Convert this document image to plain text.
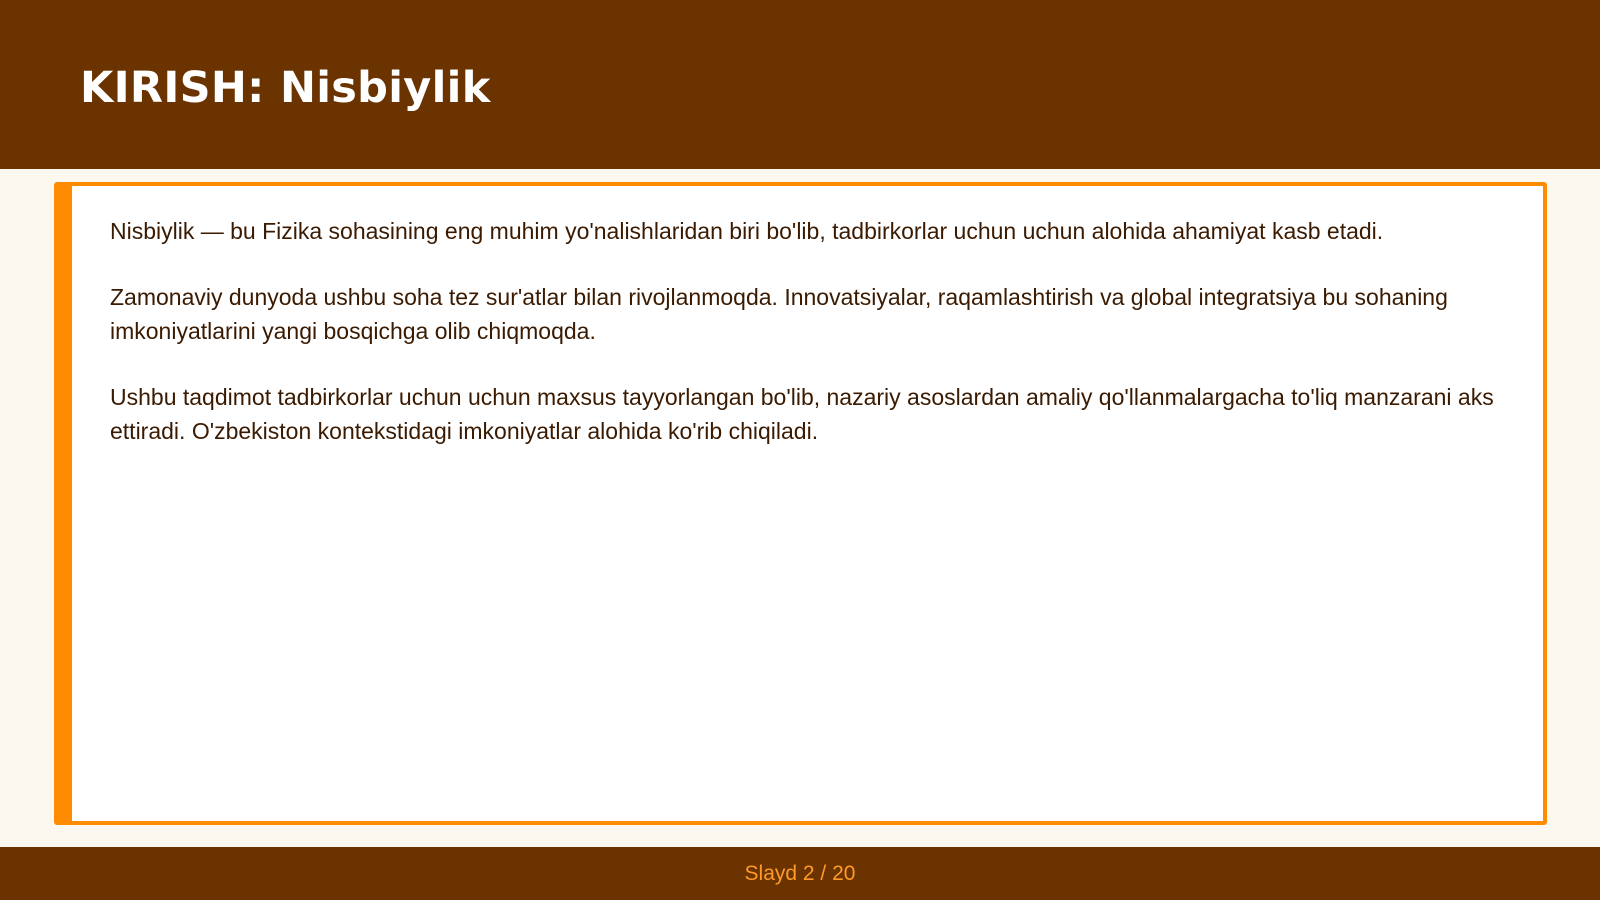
KIRISH: Nisbiylik

Nisbiylik — bu Fizika sohasining eng muhim yo'nalishlaridan biri bo'lib, tadbirkorlar uchun uchun alohida ahamiyat kasb etadi.

Zamonaviy dunyoda ushbu soha tez sur'atlar bilan rivojlanmoqda. Innovatsiyalar, raqamlashtirish va global integratsiya bu sohaning imkoniyatlarini yangi bosqichga olib chiqmoqda.

Ushbu taqdimot tadbirkorlar uchun uchun maxsus tayyorlangan bo'lib, nazariy asoslardan amaliy qo'llanmalargacha to'liq manzarani aks ettiradi. O'zbekiston kontekstidagi imkoniyatlar alohida ko'rib chiqiladi.

Slayd 2 / 20
